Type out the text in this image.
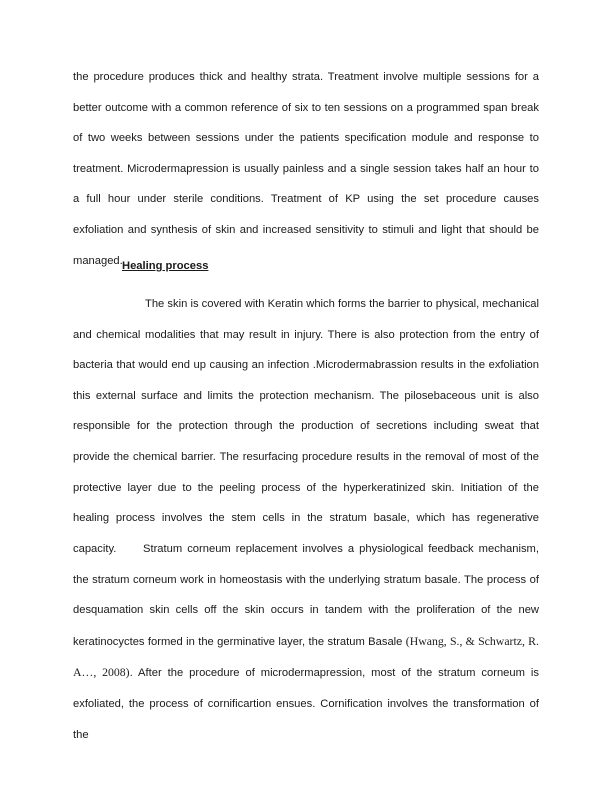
the procedure produces thick and healthy strata. Treatment involve multiple sessions for a better outcome with a common reference of six to ten sessions on a programmed span break of two weeks between sessions under the patients specification module and response to treatment. Microdermapression is usually painless and a single session takes half an hour to a full hour under sterile conditions. Treatment of KP using the set procedure causes exfoliation and synthesis of skin and increased sensitivity to stimuli and light that should be managed. Healing process

The skin is covered with Keratin which forms the barrier to physical, mechanical and chemical modalities that may result in injury. There is also protection from the entry of bacteria that would end up causing an infection .Microdermabrassion results in the exfoliation this external surface and limits the protection mechanism. The pilosebaceous unit is also responsible for the protection through the production of secretions including sweat that provide the chemical barrier. The resurfacing procedure results in the removal of most of the protective layer due to the peeling process of the hyperkeratinized skin. Initiation of the healing process involves the stem cells in the stratum basale, which has regenerative capacity.	Stratum corneum replacement involves a physiological feedback mechanism, the stratum corneum work in homeostasis with the underlying stratum basale. The process of desquamation skin cells off the skin occurs in tandem with the proliferation of the new keratinocyctes formed in the germinative layer, the stratum Basale (Hwang, S., & Schwartz, R. A…, 2008). After the procedure of microdermapression, most of the stratum corneum is exfoliated, the process of cornificartion ensues. Cornification involves the transformation of the
